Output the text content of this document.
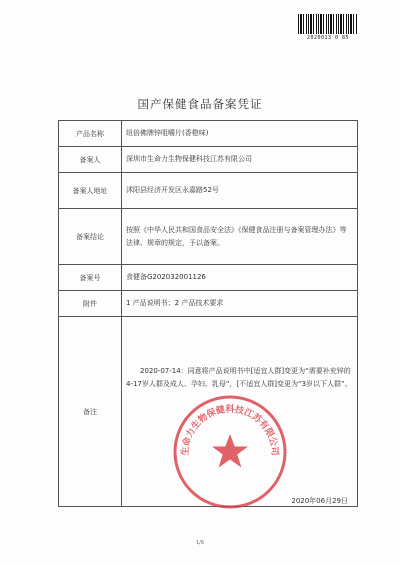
2020013 0 85
国产保健食品备案凭证
产品名称	纽倍佛牌锌咀嚼片(香橙味)
备案人	深圳市生命力生物保健科技江苏有限公司
备案人地址	沭阳县经济开发区永嘉路52号
备案结论	按照《中华人民共和国食品安全法》《保健食品注册与备案管理办法》等法律、规章的规定，予以备案。
备案号	食健备G202032001126
附件	1 产品说明书；2 产品技术要求
备注	2020-07-14：同意将产品说明书中[适宜人群]变更为“需要补充锌的4-17岁人群及成人、孕妇、乳母”，[不适宜人群]变更为“3岁以下人群”。
生命力生物保健科技江苏有限公司
2020年06月29日
1/6
